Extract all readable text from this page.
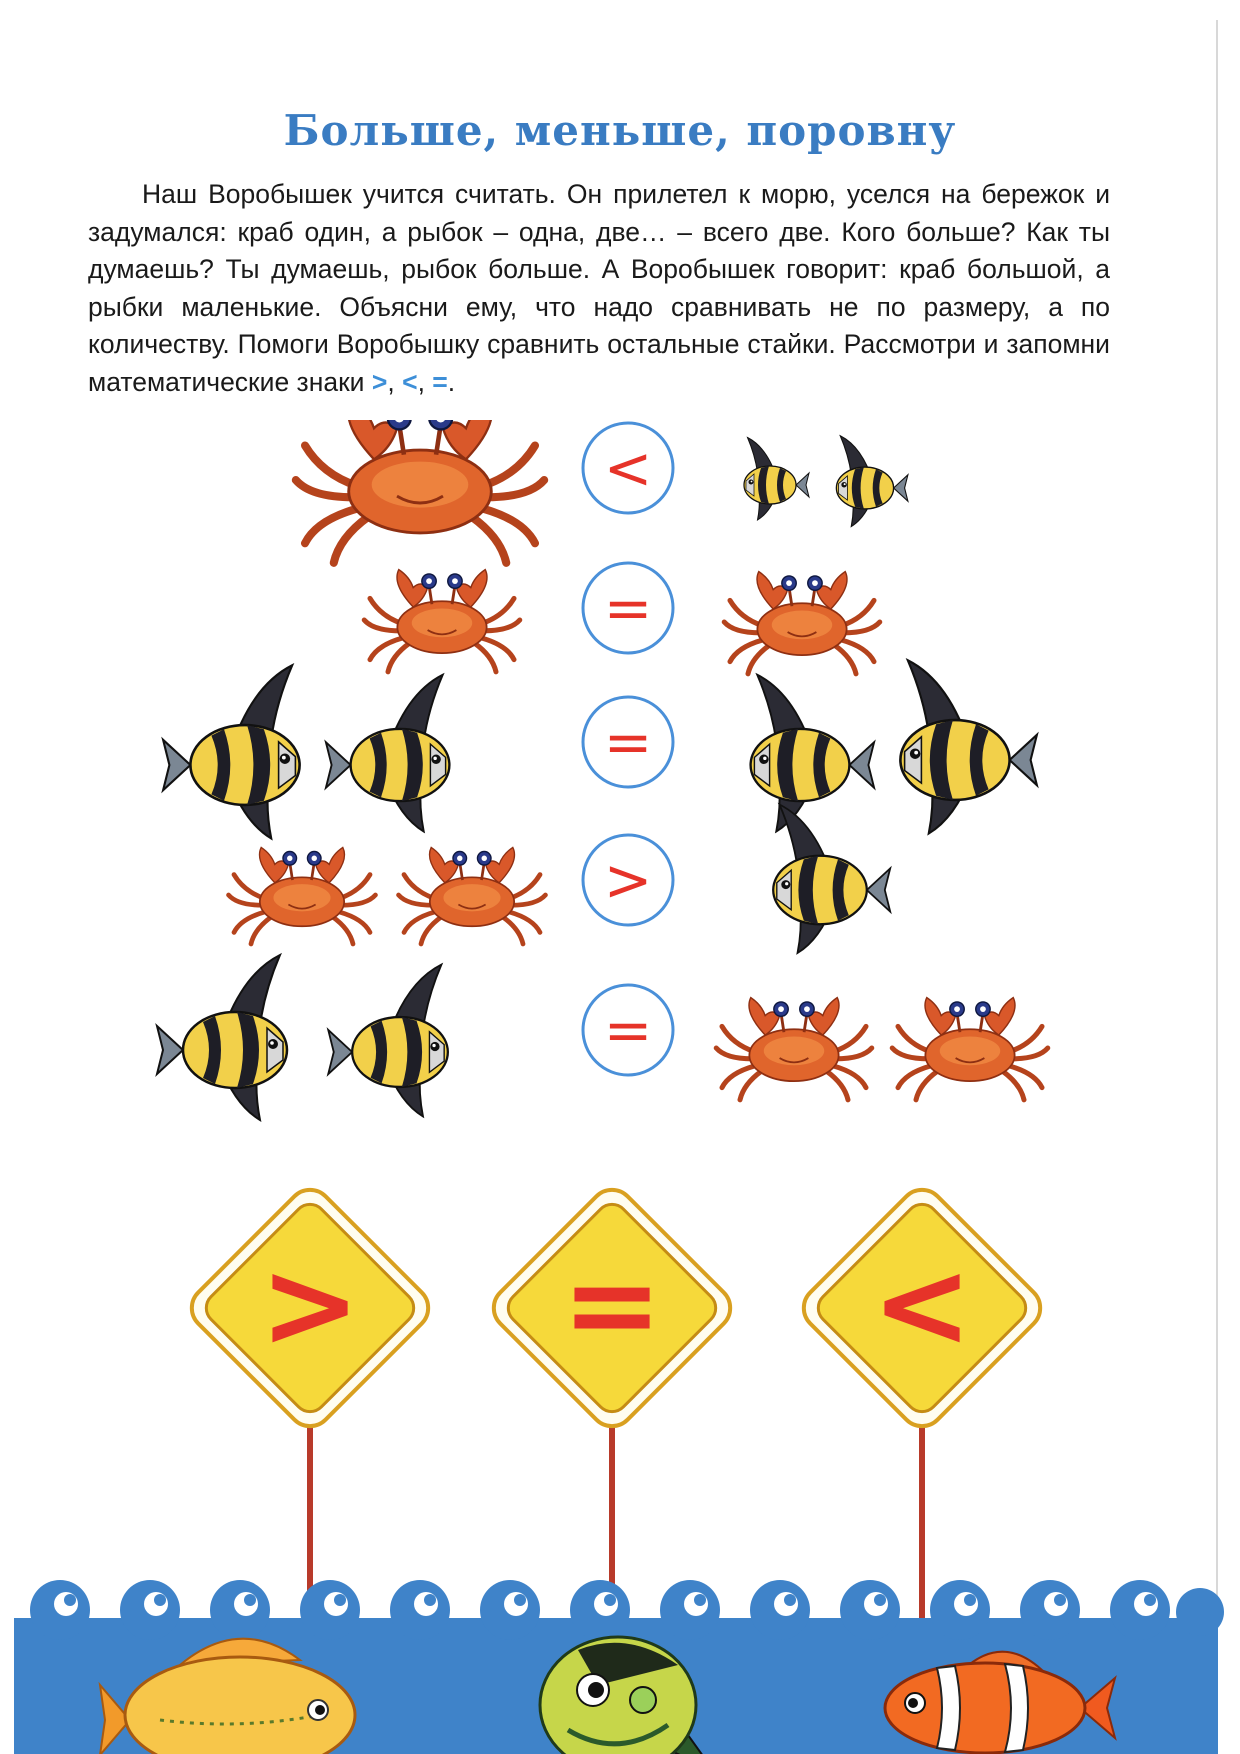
Больше, меньше, поровну

Наш Воробышек учится считать. Он прилетел к морю, уселся на бережок и задумался: краб один, а рыбок – одна, две… – всего две. Кого больше? Как ты думаешь? Ты думаешь, рыбок больше. А Воробышек говорит: краб большой, а рыбки маленькие. Объясни ему, что надо сравнивать не по размеру, а по количеству. Помоги Воробышку сравнить остальные стайки. Рассмотри и запомни математические знаки >, <, =.

<
=
=
>
=
> = <
